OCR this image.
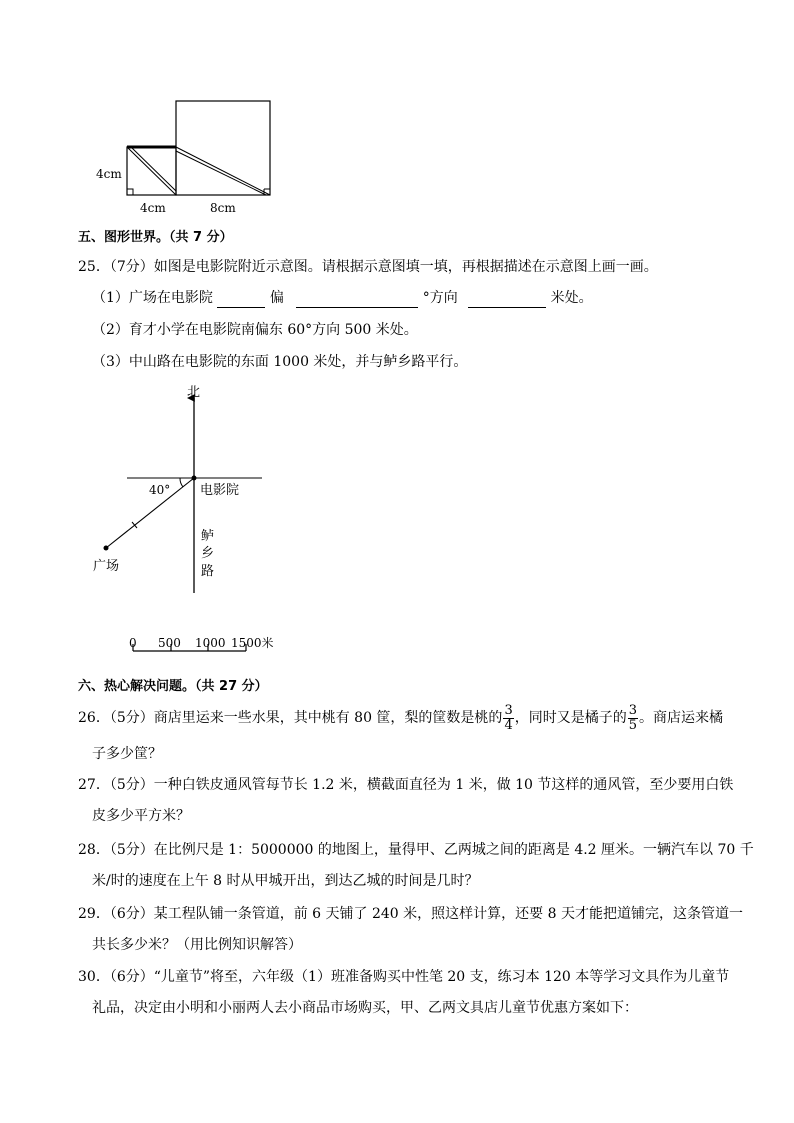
4cm
4cm	8cm
五、图形世界。（共 7 分）
25．（7分）如图是电影院附近示意图。请根据示意图填一填，再根据描述在示意图上画一画。
（1）广场在电影院	偏	°方向	米处。
（2）育才小学在电影院南偏东 60°方向 500 米处。
（3）中山路在电影院的东面 1000 米处，并与鲈乡路平行。
北
40° 电影院
广场
鲈
乡
路
0 500 1000 1500米
六、热心解决问题。（共 27 分）
26．（5分）商店里运来一些水果，其中桃有 80 筐，梨的筐数是桃的 $\frac{3}{4}$ ，同时又是橘子的 $\frac{3}{5}$ 。商店运来橘
子多少筐？
27．（5分）一种白铁皮通风管每节长 1.2 米，横截面直径为 1 米，做 10 节这样的通风管，至少要用白铁
皮多少平方米？
28．（5分）在比例尺是 1：5000000 的地图上，量得甲、乙两城之间的距离是 4.2 厘米。一辆汽车以 70 千
米/时的速度在上午 8 时从甲城开出，到达乙城的时间是几时？
29．（6分）某工程队铺一条管道，前 6 天铺了 240 米，照这样计算，还要 8 天才能把道铺完，这条管道一
共长多少米？（用比例知识解答）
30．（6分）“儿童节”将至，六年级（1）班准备购买中性笔 20 支，练习本 120 本等学习文具作为儿童节
礼品，决定由小明和小丽两人去小商品市场购买，甲、乙两文具店儿童节优惠方案如下：
